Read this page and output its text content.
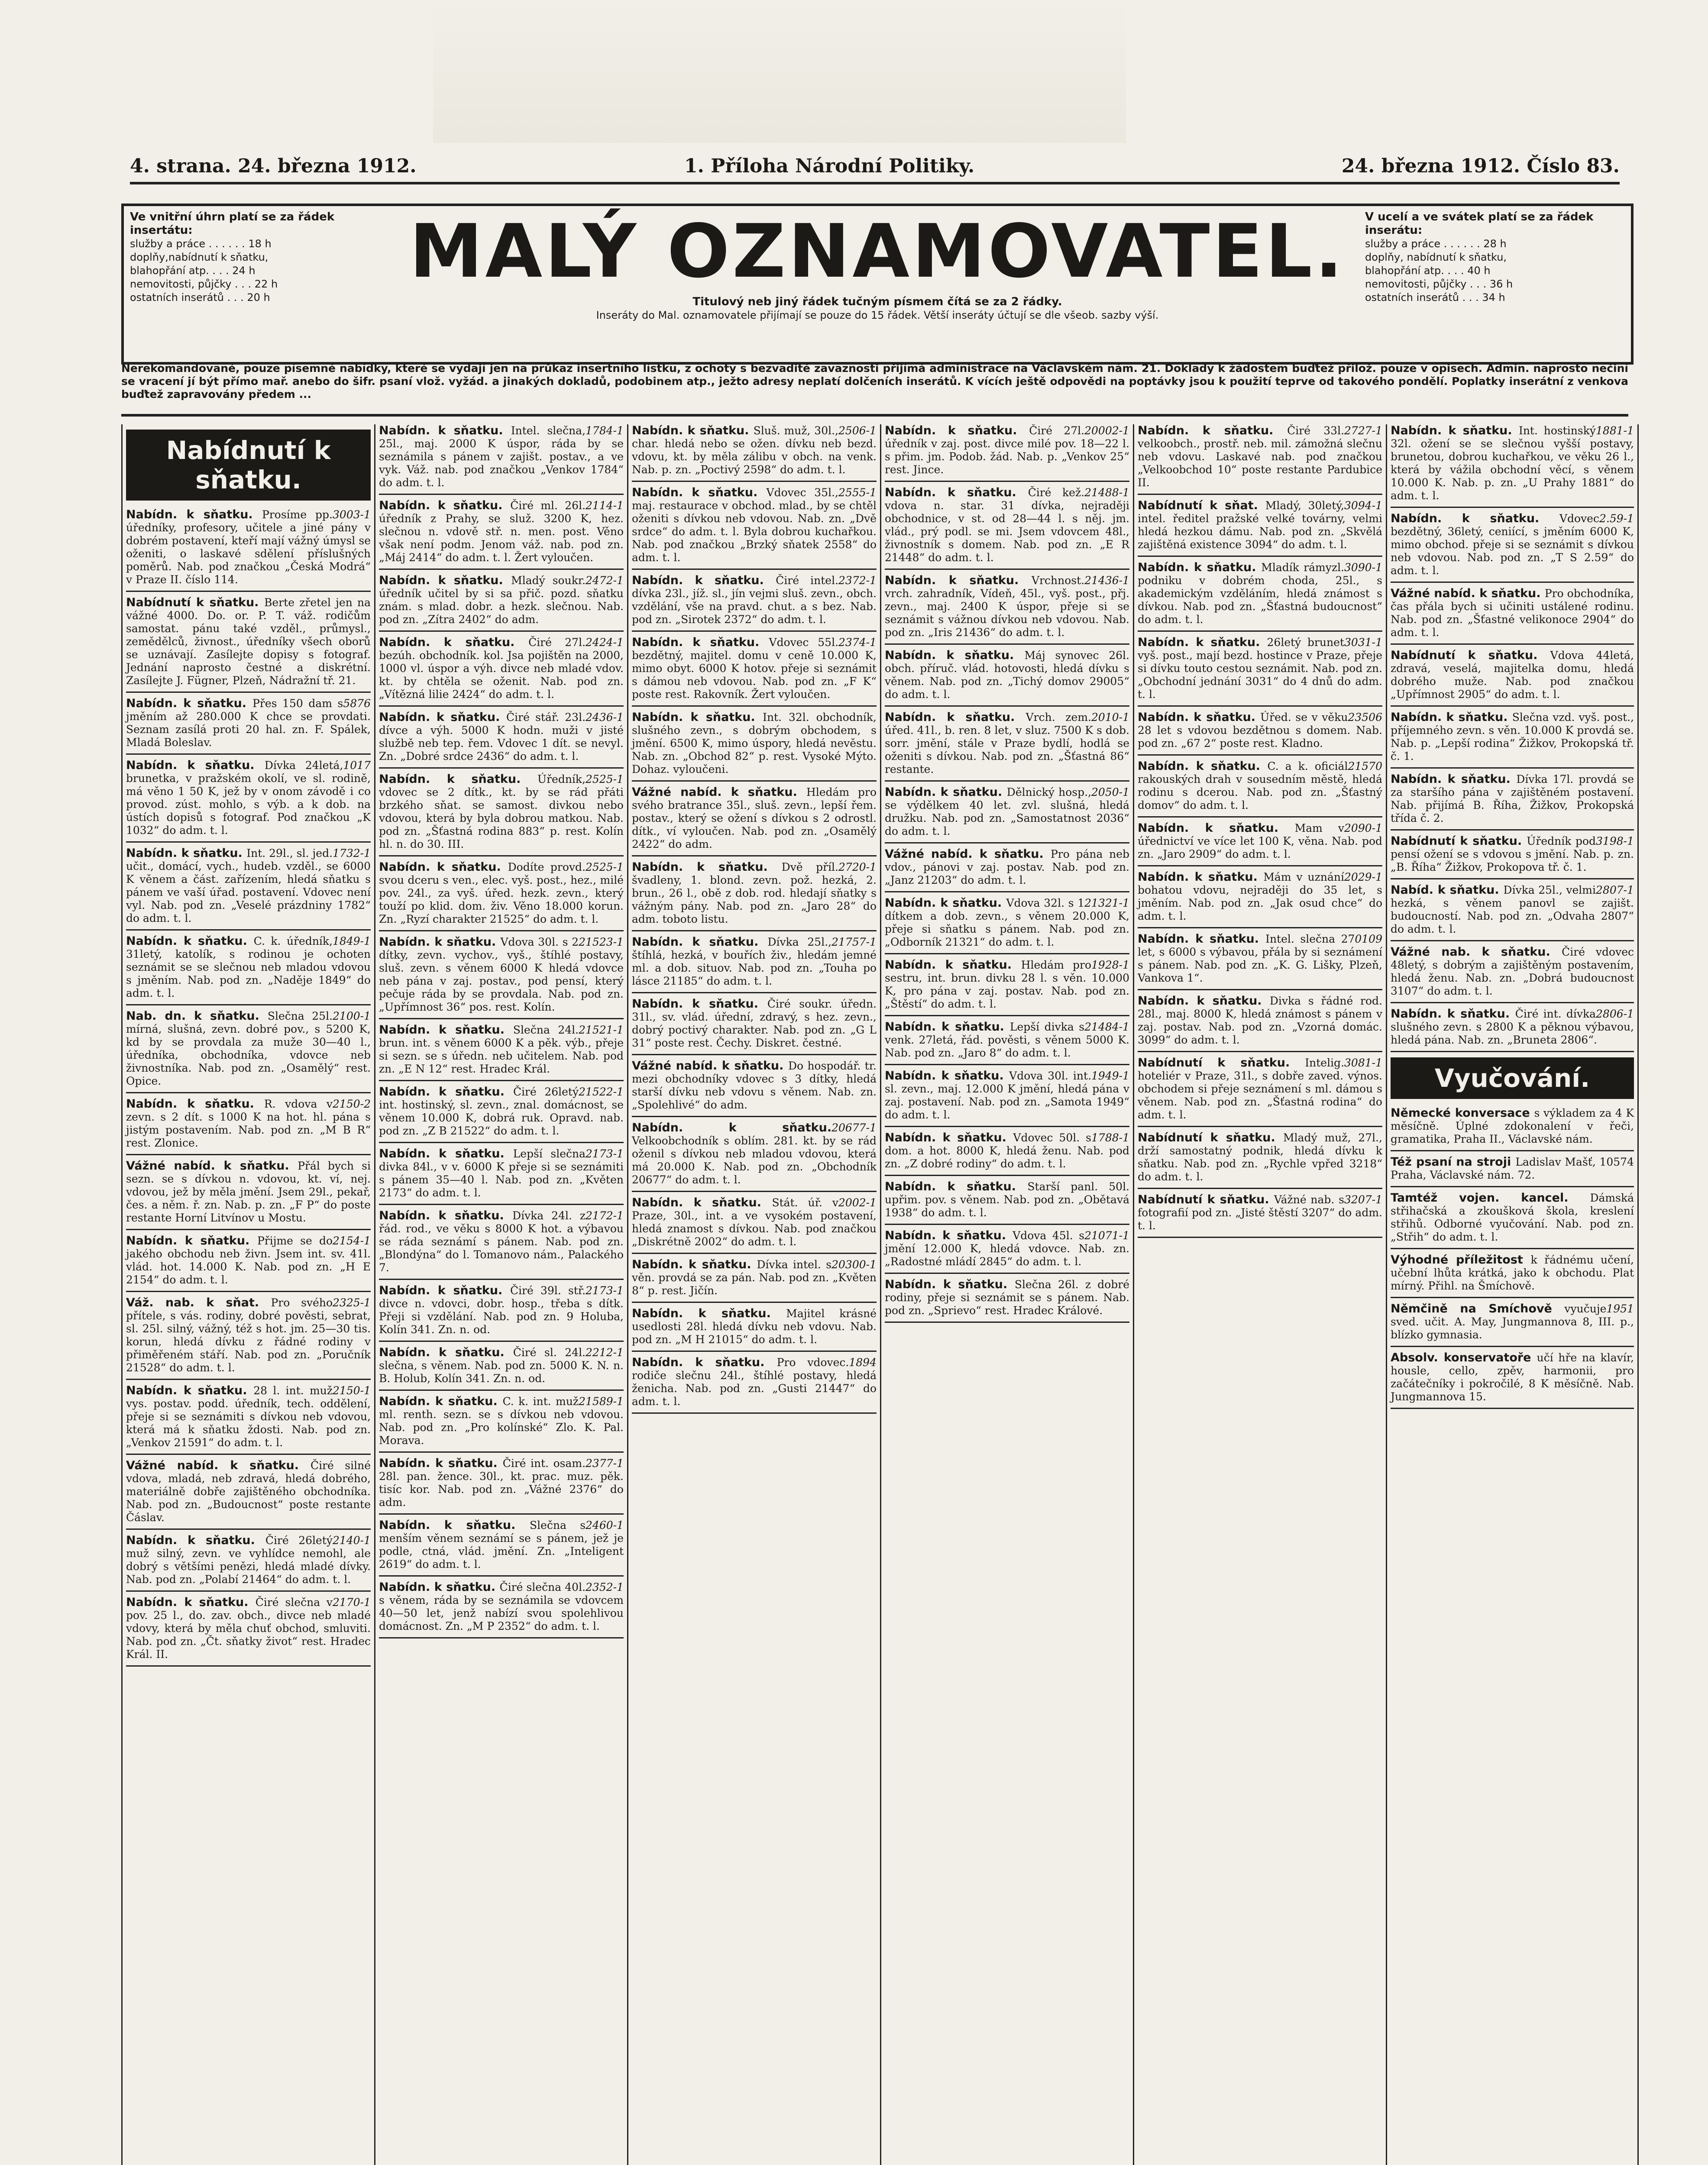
4. strana. 24. března 1912.	1. Příloha Národní Politiky.	24. března 1912. Číslo 83.
Ve vnitřní úhrn platí se za řádek insertátu:
služby a práce . . . . . . 18 h
doplňy,nabídnutí k sňatku,
blahopřání atp. . . . 24 h
nemovitosti, půjčky . . . 22 h
ostatních inserátů . . . 20 h
MALÝ OZNAMOVATEL.
Titulový neb jiný řádek tučným písmem čítá se za 2 řádky.
Inseráty do Mal. oznamovatele přijímají se pouze do 15 řádek. Větší inseráty účtují se dle všeob. sazby výší.
V ucelí a ve svátek platí se za řádek inserátu:
služby a práce . . . . . . 28 h
doplňy, nabídnutí k sňatku,
blahopřání atp. . . . 40 h
nemovitosti, půjčky . . . 36 h
ostatních inserátů . . . 34 h
Nerekomandované, pouze písemné nabídky, které se vydají jen na průkaz insertního lístku, z ochoty s bezvadité zavaznosti přijímá administrace na Václavském nám. 21. Doklady k žádostem buďtež přilož. pouze v opisech. Admin. naprosto nečiní se vracení jí být přímo mař. anebo do šifr. psaní vlož. vyžád. a jinakých dokladů, podobinem atp., ježto adresy neplatí dolčeních inserátů. K vících ještě odpovědi na poptávky jsou k použití teprve od takového pondělí. Poplatky inserátní z venkova buďtež zapravovány předem ...
Nabídnutí k sňatku.
Nabídn. k sňatku.	3003-1
Prosíme pp. úředníky, profesory, učitele a jiné pány v dobrém postavení, kteří mají vážný úmysl se oženiti, o laskavé sdělení příslušných poměrů. Nab. pod značkou „Česká Modrá“ v Praze II. číslo 114.
Nabídnutí k sňatku. Berte zřetel jen na vážné 4000. Do. or. P. T. váž. rodičům samostat. pánu také vzděl., průmysl., zemědělců, živnost., úředníky všech oborů se uznávají. Zasílejte dopisy s fotograf. Jednání naprosto čestné a diskrétní. Zasílejte J. Fügner, Plzeň, Nádražní tř. 21.
Nabídn. k sňatku.	5876
Přes 150 dam s jměním až 280.000 K chce se provdati. Seznam zasílá proti 20 hal. zn. F. Spálek, Mladá Boleslav.
Nabídn. k sňatku.	1017
Dívka 24letá, brunetka, v pražském okolí, ve sl. rodině, má věno 1 50 K, jež by v onom závodě i co provod. zúst. mohlo, s výb. a k dob. na ústích dopisů s fotograf. Pod značkou „K 1032“ do adm. t. l.
Nabídn. k sňatku.	1732-1
Int. 29l., sl. jed. učit., domácí, vych., hudeb. vzděl., se 6000 K věnem a část. zařízením, hledá sňatku s pánem ve vaší úřad. postavení. Vdovec není vyl. Nab. pod zn. „Veselé prázdniny 1782“ do adm. t. l.
Nabídn. k sňatku.	1849-1
C. k. úředník, 31letý, katolík, s rodinou je ochoten seznámit se se slečnou neb mladou vdovou s jměním. Nab. pod zn. „Naděje 1849“ do adm. t. l.
Nab. dn. k sňatku.	2100-1
Slečna 25l. mírná, slušná, zevn. dobré pov., s 5200 K, kd by se provdala za muže 30—40 l., úředníka, obchodníka, vdovce neb živnostníka. Nab. pod zn. „Osamělý“ rest. Opice.
Nabídn. k sňatku.	2150-2
R. vdova v zevn. s 2 dít. s 1000 K na hot. hl. pána s jistým postavením. Nab. pod zn. „M B R“ rest. Zlonice.
Vážné nabíd. k sňatku. Přál bych si sezn. se s dívkou n. vdovou, kt. ví, nej. vdovou, jež by měla jmění. Jsem 29l., pekař, čes. a něm. ř. zn. Nab. p. zn. „F P“ do poste restante Horní Litvínov u Mostu.
Nabídn. k sňatku.	2154-1
Přijme se do jakého obchodu neb živn. Jsem int. sv. 41l. vlád. hot. 14.000 K. Nab. pod zn. „H E 2154“ do adm. t. l.
Váž. nab. k sňat.	2325-1
Pro svého přítele, s vás. rodiny, dobré pověsti, sebrat, sl. 25l. silný, vážný, též s hot. jm. 25—30 tis. korun, hledá dívku z řádné rodiny v přiměřeném stáří. Nab. pod zn. „Poručník 21528“ do adm. t. l.
Nabídn. k sňatku.	2150-1
28 l. int. muž vys. postav. podd. úředník, tech. oddělení, přeje si se seznámiti s dívkou neb vdovou, která má k sňatku ždosti. Nab. pod zn. „Venkov 21591“ do adm. t. l.
Vážné nabíd. k sňatku. Čiré silné vdova, mladá, neb zdravá, hledá dobrého, materiálně dobře zajištěného obchodníka. Nab. pod zn. „Budoucnost“ poste restante Čáslav.
Nabídn. k sňatku.	2140-1
Čiré 26letý muž silný, zevn. ve vyhlídce nemohl, ale dobrý s většími penězi, hledá mladé dívky. Nab. pod zn. „Polabí 21464“ do adm. t. l.
Nabídn. k sňatku.	2170-1
Čiré slečna v pov. 25 l., do. zav. obch., divce neb mladé vdovy, která by měla chuť obchod, smluviti. Nab. pod zn. „Čt. sňatky život“ rest. Hradec Král. II.
Nabídn. k sňatku.	1784-1
Intel. slečna, 25l., maj. 2000 K úspor, ráda by se seznámila s pánem v zajišt. postav., a ve vyk. Váž. nab. pod značkou „Venkov 1784“ do adm. t. l.
Nabídn. k sňatku.	2114-1
Čiré ml. 26l. úředník z Prahy, se služ. 3200 K, hez. slečnou n. vdově stř. n. men. post. Věno však není podm. Jenom váž. nab. pod zn. „Máj 2414“ do adm. t. l. Žert vyloučen.
Nabídn. k sňatku.	2472-1
Mladý soukr. úředník učitel by si sa přič. pozd. sňatku znám. s mlad. dobr. a hezk. slečnou. Nab. pod zn. „Zítra 2402“ do adm.
Nabídn. k sňatku.	2424-1
Čiré 27l. bezúh. obchodník. kol. Jsa pojištěn na 2000, 1000 vl. úspor a výh. divce neb mladé vdov. kt. by chtěla se oženit. Nab. pod zn. „Vítězná lilie 2424“ do adm. t. l.
Nabídn. k sňatku.	2436-1
Čiré stář. 23l. dívce a výh. 5000 K hodn. muži v jisté službě neb tep. řem. Vdovec 1 dít. se nevyl. Zn. „Dobré srdce 2436“ do adm. t. l.
Nabídn. k sňatku.	2525-1
Úředník, vdovec se 2 dítk., kt. by se rád přáti brzkého sňat. se samost. divkou nebo vdovou, která by byla dobrou matkou. Nab. pod zn. „Šťastná rodina 883“ p. rest. Kolín hl. n. do 30. III.
Nabídn. k sňatku.	2525-1
Dodíte provd. svou dceru s ven., elec. vyš. post., hez., milé pov. 24l., za vyš. úřed. hezk. zevn., který touží po klid. dom. živ. Věno 18.000 korun. Zn. „Ryzí charakter 21525“ do adm. t. l.
Nabídn. k sňatku.	21523-1
Vdova 30l. s 2 dítky, zevn. vychov., vyš., štíhlé postavy, sluš. zevn. s věnem 6000 K hledá vdovce neb pána v zaj. postav., pod pensí, který pečuje ráda by se provdala. Nab. pod zn. „Upřímnost 36“ pos. rest. Kolín.
Nabídn. k sňatku.	21521-1
Slečna 24l. brun. int. s věnem 6000 K a pěk. výb., přeje si sezn. se s úředn. neb učitelem. Nab. pod zn. „E N 12“ rest. Hradec Král.
Nabídn. k sňatku.	21522-1
Čiré 26letý int. hostinský, sl. zevn., znal. domácnost, se věnem 10.000 K, dobrá ruk. Opravd. nab. pod zn. „Z B 21522“ do adm. t. l.
Nabídn. k sňatku.	2173-1
Lepší slečna divka 84l., v v. 6000 K přeje si se seznámiti s pánem 35—40 l. Nab. pod zn. „Květen 2173“ do adm. t. l.
Nabídn. k sňatku.	2172-1
Dívka 24l. z řád. rod., ve věku s 8000 K hot. a výbavou se ráda seznámí s pánem. Nab. pod zn. „Blondýna“ do l. Tomanovo nám., Palackého 7.
Nabídn. k sňatku.	2173-1
Čiré 39l. stř. divce n. vdovci, dobr. hosp., třeba s dítk. Přeji si vzdělání. Nab. pod zn. 9 Holuba, Kolín 341. Zn. n. od.
Nabídn. k sňatku.	2212-1
Čiré sl. 24l. slečna, s věnem. Nab. pod zn. 5000 K. N. n. B. Holub, Kolín 341. Zn. n. od.
Nabídn. k sňatku.	21589-1
C. k. int. muž ml. renth. sezn. se s dívkou neb vdovou. Nab. pod zn. „Pro kolínské“ Zlo. K. Pal. Morava.
Nabídn. k sňatku.	2377-1
Čiré int. osam. 28l. pan. žence. 30l., kt. prac. muz. pěk. tisíc kor. Nab. pod zn. „Vážné 2376“ do adm.
Nabídn. k sňatku.	2460-1
Slečna s menším věnem seznámí se s pánem, jež je podle, ctná, vlád. jmění. Zn. „Inteligent 2619“ do adm. t. l.
Nabídn. k sňatku.	2352-1
Čiré slečna 40l. s věnem, ráda by se seznámila se vdovcem 40—50 let, jenž nabízí svou spolehlivou domácnost. Zn. „M P 2352“ do adm. t. l.
Nabídn. k sňatku.	2506-1
Sluš. muž, 30l., char. hledá nebo se ožen. dívku neb bezd. vdovu, kt. by měla zálibu v obch. na venk. Nab. p. zn. „Poctivý 2598“ do adm. t. l.
Nabídn. k sňatku.	2555-1
Vdovec 35l., maj. restaurace v obchod. mlad., by se chtěl oženiti s dívkou neb vdovou. Nab. zn. „Dvě srdce“ do adm. t. l. Byla dobrou kuchařkou. Nab. pod značkou „Brzký sňatek 2558“ do adm. t. l.
Nabídn. k sňatku.	2372-1
Čiré intel. dívka 23l., jíž. sl., jín vejmi sluš. zevn., obch. vzdělání, vše na pravd. chut. a s bez. Nab. pod zn. „Sirotek 2372“ do adm. t. l.
Nabídn. k sňatku.	2374-1
Vdovec 55l. bezdětný, majitel. domu v ceně 10.000 K, mimo obyt. 6000 K hotov. přeje si seznámit s dámou neb vdovou. Nab. pod zn. „F K“ poste rest. Rakovník. Žert vyloučen.
Nabídn. k sňatku. Int. 32l. obchodník, slušného zevn., s dobrým obchodem, s jmění. 6500 K, mimo úspory, hledá nevěstu. Nab. zn. „Obchod 82“ p. rest. Vysoké Mýto. Dohaz. vyloučeni.
Vážné nabíd. k sňatku. Hledám pro svého bratrance 35l., sluš. zevn., lepší řem. postav., který se ožení s dívkou s 2 odrostl. dítk., ví vyloučen. Nab. pod zn. „Osamělý 2422“ do adm.
Nabídn. k sňatku.	2720-1
Dvě příl. švadleny, 1. blond. zevn. pož. hezká, 2. brun., 26 l., obě z dob. rod. hledají sňatky s vážným pány. Nab. pod zn. „Jaro 28“ do adm. toboto listu.
Nabídn. k sňatku.	21757-1
Dívka 25l., štíhlá, hezká, v bouřích živ., hledám jemné ml. a dob. situov. Nab. pod zn. „Touha po lásce 21185“ do adm. t. l.
Nabídn. k sňatku. Čiré soukr. úředn. 31l., sv. vlád. úřední, zdravý, s hez. zevn., dobrý poctivý charakter. Nab. pod zn. „G L 31“ poste rest. Čechy. Diskret. čestné.
Vážné nabíd. k sňatku. Do hospodář. tr. mezi obchodníky vdovec s 3 dítky, hledá starší dívku neb vdovu s věnem. Nab. zn. „Spolehlivé“ do adm.
Nabídn. k sňatku. 20677-1
Velkoobchodník s oblím. 281. kt. by se rád oženil s dívkou neb mladou vdovou, která má 20.000 K. Nab. pod zn. „Obchodník 20677“ do adm. t. l.
Nabídn. k sňatku.	2002-1
Stát. úř. v Praze, 30l., int. a ve vysokém postavení, hledá znamost s dívkou. Nab. pod značkou „Diskrétně 2002“ do adm. t. l.
Nabídn. k sňatku.	20300-1
Dívka intel. s věn. provdá se za pán. Nab. pod zn. „Květen 8“ p. rest. Jičín.
Nabídn. k sňatku. Majitel krásné usedlosti 28l. hledá dívku neb vdovu. Nab. pod zn. „M H 21015“ do adm. t. l.
Nabídn. k sňatku.	1894
Pro vdovec. rodiče slečnu 24l., štíhlé postavy, hledá ženicha. Nab. pod zn. „Gusti 21447“ do adm. t. l.
Nabídn. k sňatku.	20002-1
Čiré 27l. úředník v zaj. post. divce milé pov. 18—22 l. s přim. jm. Podob. žád. Nab. p. „Venkov 25“ rest. Jince.
Nabídn. k sňatku.	21488-1
Čiré kež. vdova n. star. 31 dívka, nejraději obchodnice, v st. od 28—44 l. s něj. jm. vlád., prý podl. se mi. Jsem vdovcem 48l., živnostník s domem. Nab. pod zn. „E R 21448“ do adm. t. l.
Nabídn. k sňatku.	21436-1
Vrchnost. vrch. zahradník, Vídeň, 45l., vyš. post., přj. zevn., maj. 2400 K úspor, přeje si se seznámit s vážnou dívkou neb vdovou. Nab. pod zn. „Iris 21436“ do adm. t. l.
Nabídn. k sňatku. Máj synovec 26l. obch. příruč. vlád. hotovosti, hledá dívku s věnem. Nab. pod zn. „Tichý domov 29005“ do adm. t. l.
Nabídn. k sňatku.	2010-1
Vrch. zem. úřed. 41l., b. ren. 8 let, v sluz. 7500 K s dob. sorr. jmění, stále v Praze bydlí, hodlá se oženiti s dívkou. Nab. pod zn. „Šťastná 86“ restante.
Nabídn. k sňatku.	2050-1
Dělnický hosp., se výdělkem 40 let. zvl. slušná, hledá družku. Nab. pod zn. „Samostatnost 2036“ do adm. t. l.
Vážné nabíd. k sňatku. Pro pána neb vdov., pánovi v zaj. postav. Nab. pod zn. „Janz 21203“ do adm. t. l.
Nabídn. k sňatku.	21321-1
Vdova 32l. s 1 dítkem a dob. zevn., s věnem 20.000 K, přeje si sňatku s pánem. Nab. pod zn. „Odborník 21321“ do adm. t. l.
Nabídn. k sňatku.	1928-1
Hledám pro sestru, int. brun. divku 28 l. s věn. 10.000 K, pro pána v zaj. postav. Nab. pod zn. „Štěstí“ do adm. t. l.
Nabídn. k sňatku.	21484-1
Lepší divka s venk. 27letá, řád. pověsti, s věnem 5000 K. Nab. pod zn. „Jaro 8“ do adm. t. l.
Nabídn. k sňatku.	1949-1
Vdova 30l. int. sl. zevn., maj. 12.000 K jmění, hledá pána v zaj. postavení. Nab. pod zn. „Samota 1949“ do adm. t. l.
Nabídn. k sňatku.	1788-1
Vdovec 50l. s dom. a hot. 8000 K, hledá ženu. Nab. pod zn. „Z dobré rodiny“ do adm. t. l.
Nabídn. k sňatku. Starší panl. 50l. upřim. pov. s věnem. Nab. pod zn. „Obětavá 1938“ do adm. t. l.
Nabídn. k sňatku.	21071-1
Vdova 45l. s jmění 12.000 K, hledá vdovce. Nab. zn. „Radostné mládí 2845“ do adm. t. l.
Nabídn. k sňatku. Slečna 26l. z dobré rodiny, přeje si seznámit se s pánem. Nab. pod zn. „Sprievo“ rest. Hradec Králové.
Nabídn. k sňatku.	2727-1
Čiré 33l. velkoobch., prostř. neb. mil. zámožná slečnu neb vdovu. Laskavé nab. pod značkou „Velkoobchod 10“ poste restante Pardubice II.
Nabídnutí k sňat.	3094-1
Mladý, 30letý, intel. ředitel pražské velké továrny, velmi hledá hezkou dámu. Nab. pod zn. „Skvělá zajištěná existence 3094“ do adm. t. l.
Nabídn. k sňatku.	3090-1
Mladík rámyzl. podniku v dobrém choda, 25l., s akademickým vzděláním, hledá známost s dívkou. Nab. pod zn. „Šťastná budoucnost“ do adm. t. l.
Nabídn. k sňatku.	3031-1
26letý brunet vyš. post., mají bezd. hostince v Praze, přeje si dívku touto cestou seznámit. Nab. pod zn. „Obchodní jednání 3031“ do 4 dnů do adm. t. l.
Nabídn. k sňatku.	23506
Úřed. se v věku 28 let s vdovou bezdětnou s domem. Nab. pod zn. „67 2“ poste rest. Kladno.
Nabídn. k sňatku.	21570
C. a k. oficiál rakouských drah v sousedním městě, hledá rodinu s dcerou. Nab. pod zn. „Šťastný domov“ do adm. t. l.
Nabídn. k sňatku.	2090-1
Mam v úřednictví ve více let 100 K, věna. Nab. pod zn. „Jaro 2909“ do adm. t. l.
Nabídn. k sňatku.	2029-1
Mám v uznání bohatou vdovu, nejraději do 35 let, s jměním. Nab. pod zn. „Jak osud chce“ do adm. t. l.
Nabídn. k sňatku.	0109
Intel. slečna 27 let, s 6000 s výbavou, přála by si seznámení s pánem. Nab. pod zn. „K. G. Lišky, Plzeň, Vankova 1“.
Nabídn. k sňatku. Divka s řádné rod. 28l., maj. 8000 K, hledá známost s pánem v zaj. postav. Nab. pod zn. „Vzorná domác. 3099“ do adm. t. l.
Nabídnutí k sňatku.	3081-1
Intelig. hoteliér v Praze, 31l., s dobře zaved. výnos. obchodem si přeje seznámení s ml. dámou s věnem. Nab. pod zn. „Šťastná rodina“ do adm. t. l.
Nabídnutí k sňatku. Mladý muž, 27l., drží samostatný podnik, hledá dívku k sňatku. Nab. pod zn. „Rychle vpřed 3218“ do adm. t. l.
Nabídnutí k sňatku.	3207-1
Vážné nab. s fotografií pod zn. „Jisté štěstí 3207“ do adm. t. l.
Nabídn. k sňatku.	1881-1
Int. hostinský 32l. ožení se se slečnou vyšší postavy, brunetou, dobrou kuchařkou, ve věku 26 l., která by vážila obchodní věcí, s věnem 10.000 K. Nab. p. zn. „U Prahy 1881“ do adm. t. l.
Nabídn. k sňatku.	2.59-1
Vdovec bezdětný, 36letý, ceniící, s jměním 6000 K, mimo obchod. přeje si se seznámit s dívkou neb vdovou. Nab. pod zn. „T S 2.59“ do adm. t. l.
Vážné nabíd. k sňatku. Pro obchodníka, čas přála bych si učiniti ustálené rodinu. Nab. pod zn. „Šťastné velikonoce 2904“ do adm. t. l.
Nabídnutí k sňatku. Vdova 44letá, zdravá, veselá, majitelka domu, hledá dobrého muže. Nab. pod značkou „Upřímnost 2905“ do adm. t. l.
Nabídn. k sňatku. Slečna vzd. vyš. post., příjemného zevn. s věn. 10.000 K provdá se. Nab. p. „Lepší rodina“ Žižkov, Prokopská tř. č. 1.
Nabídn. k sňatku. Dívka 17l. provdá se za staršího pána v zajištěném postavení. Nab. přijímá B. Říha, Žižkov, Prokopská třída č. 2.
Nabídnutí k sňatku.	3198-1
Úředník pod pensí ožení se s vdovou s jmění. Nab. p. zn. „B. Říha“ Žižkov, Prokopova tř. č. 1.
Nabíd. k sňatku.	2807-1
Dívka 25l., velmi hezká, s věnem panovl se zajišt. budoucností. Nab. pod zn. „Odvaha 2807“ do adm. t. l.
Vážné nab. k sňatku. Čiré vdovec 48letý, s dobrým a zajištěným postavením, hledá ženu. Nab. zn. „Dobrá budoucnost 3107“ do adm. t. l.
Nabídn. k sňatku.	2806-1
Čiré int. dívka slušného zevn. s 2800 K a pěknou výbavou, hledá pána. Nab. zn. „Bruneta 2806“.
Vyučování.
Německé konversace s výkladem za 4 K měsíčně. Úplné zdokonalení v řeči, gramatika, Praha II., Václavské nám.
Též psaní na stroji Ladislav Mašť, 10574 Praha, Václavské nám. 72.
Tamtéž vojen. kancel. Dámská střihačská a zkoušková škola, kreslení střihů. Odborné vyučování. Nab. pod zn. „Střih“ do adm. t. l.
Výhodné příležitost k řádnému učení, učební lhůta krátká, jako k obchodu. Plat mírný. Přihl. na Šmíchově.
Němčině na Smíchově	1951
vyučuje sved. učit. A. May, Jungmannova 8, III. p., blízko gymnasia.
Absolv. konservatoře učí hře na klavír, housle, cello, zpěv, harmonii, pro začátečníky i pokročilé, 8 K měsíčně. Nab. Jungmannova 15.
